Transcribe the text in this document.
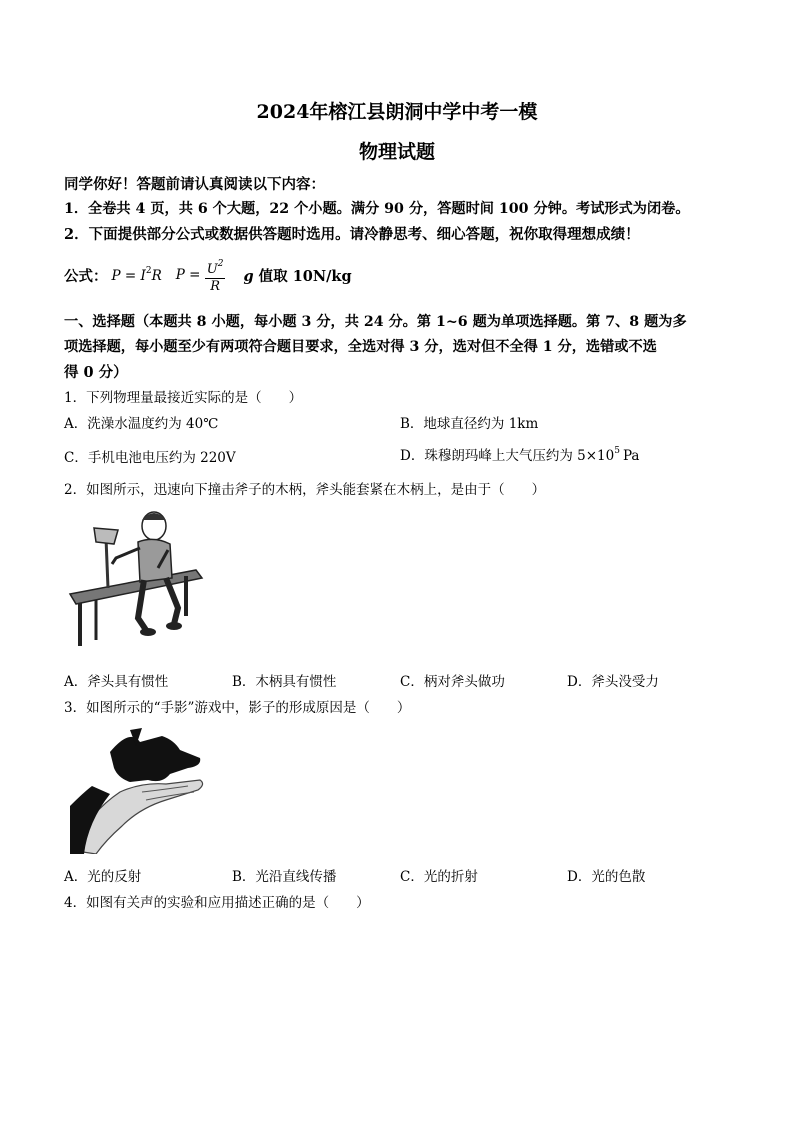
2024年榕江县朗洞中学中考一模
物理试题
同学你好！答题前请认真阅读以下内容：
1．全卷共 4 页，共 6 个大题，22 个小题。满分 90 分，答题时间 100 分钟。考试形式为闭卷。
2．下面提供部分公式或数据供答题时选用。请冷静思考、细心答题，祝你取得理想成绩！
公式： $P = I^2R$ $P = \frac{U^2}{R}$ g 值取 10N/kg
一、选择题（本题共 8 小题，每小题 3 分，共 24 分。第 1~6 题为单项选择题。第 7、8 题为多
项选择题，每小题至少有两项符合题目要求，全选对得 3 分，选对但不全得 1 分，选错或不选
得 0 分）
1．下列物理量最接近实际的是（　　）
A．洗澡水温度约为 40℃	B．地球直径约为 1km
C．手机电池电压约为 220V	D．珠穆朗玛峰上大气压约为 $5\times 10^5$ Pa
2．如图所示，迅速向下撞击斧子的木柄，斧头能套紧在木柄上，是由于（　　）
A．斧头具有惯性	B．木柄具有惯性	C．柄对斧头做功	D．斧头没受力
3．如图所示的“手影”游戏中，影子的形成原因是（　　）
A．光的反射	B．光沿直线传播	C．光的折射	D．光的色散
4．如图有关声的实验和应用描述正确的是（　　）
